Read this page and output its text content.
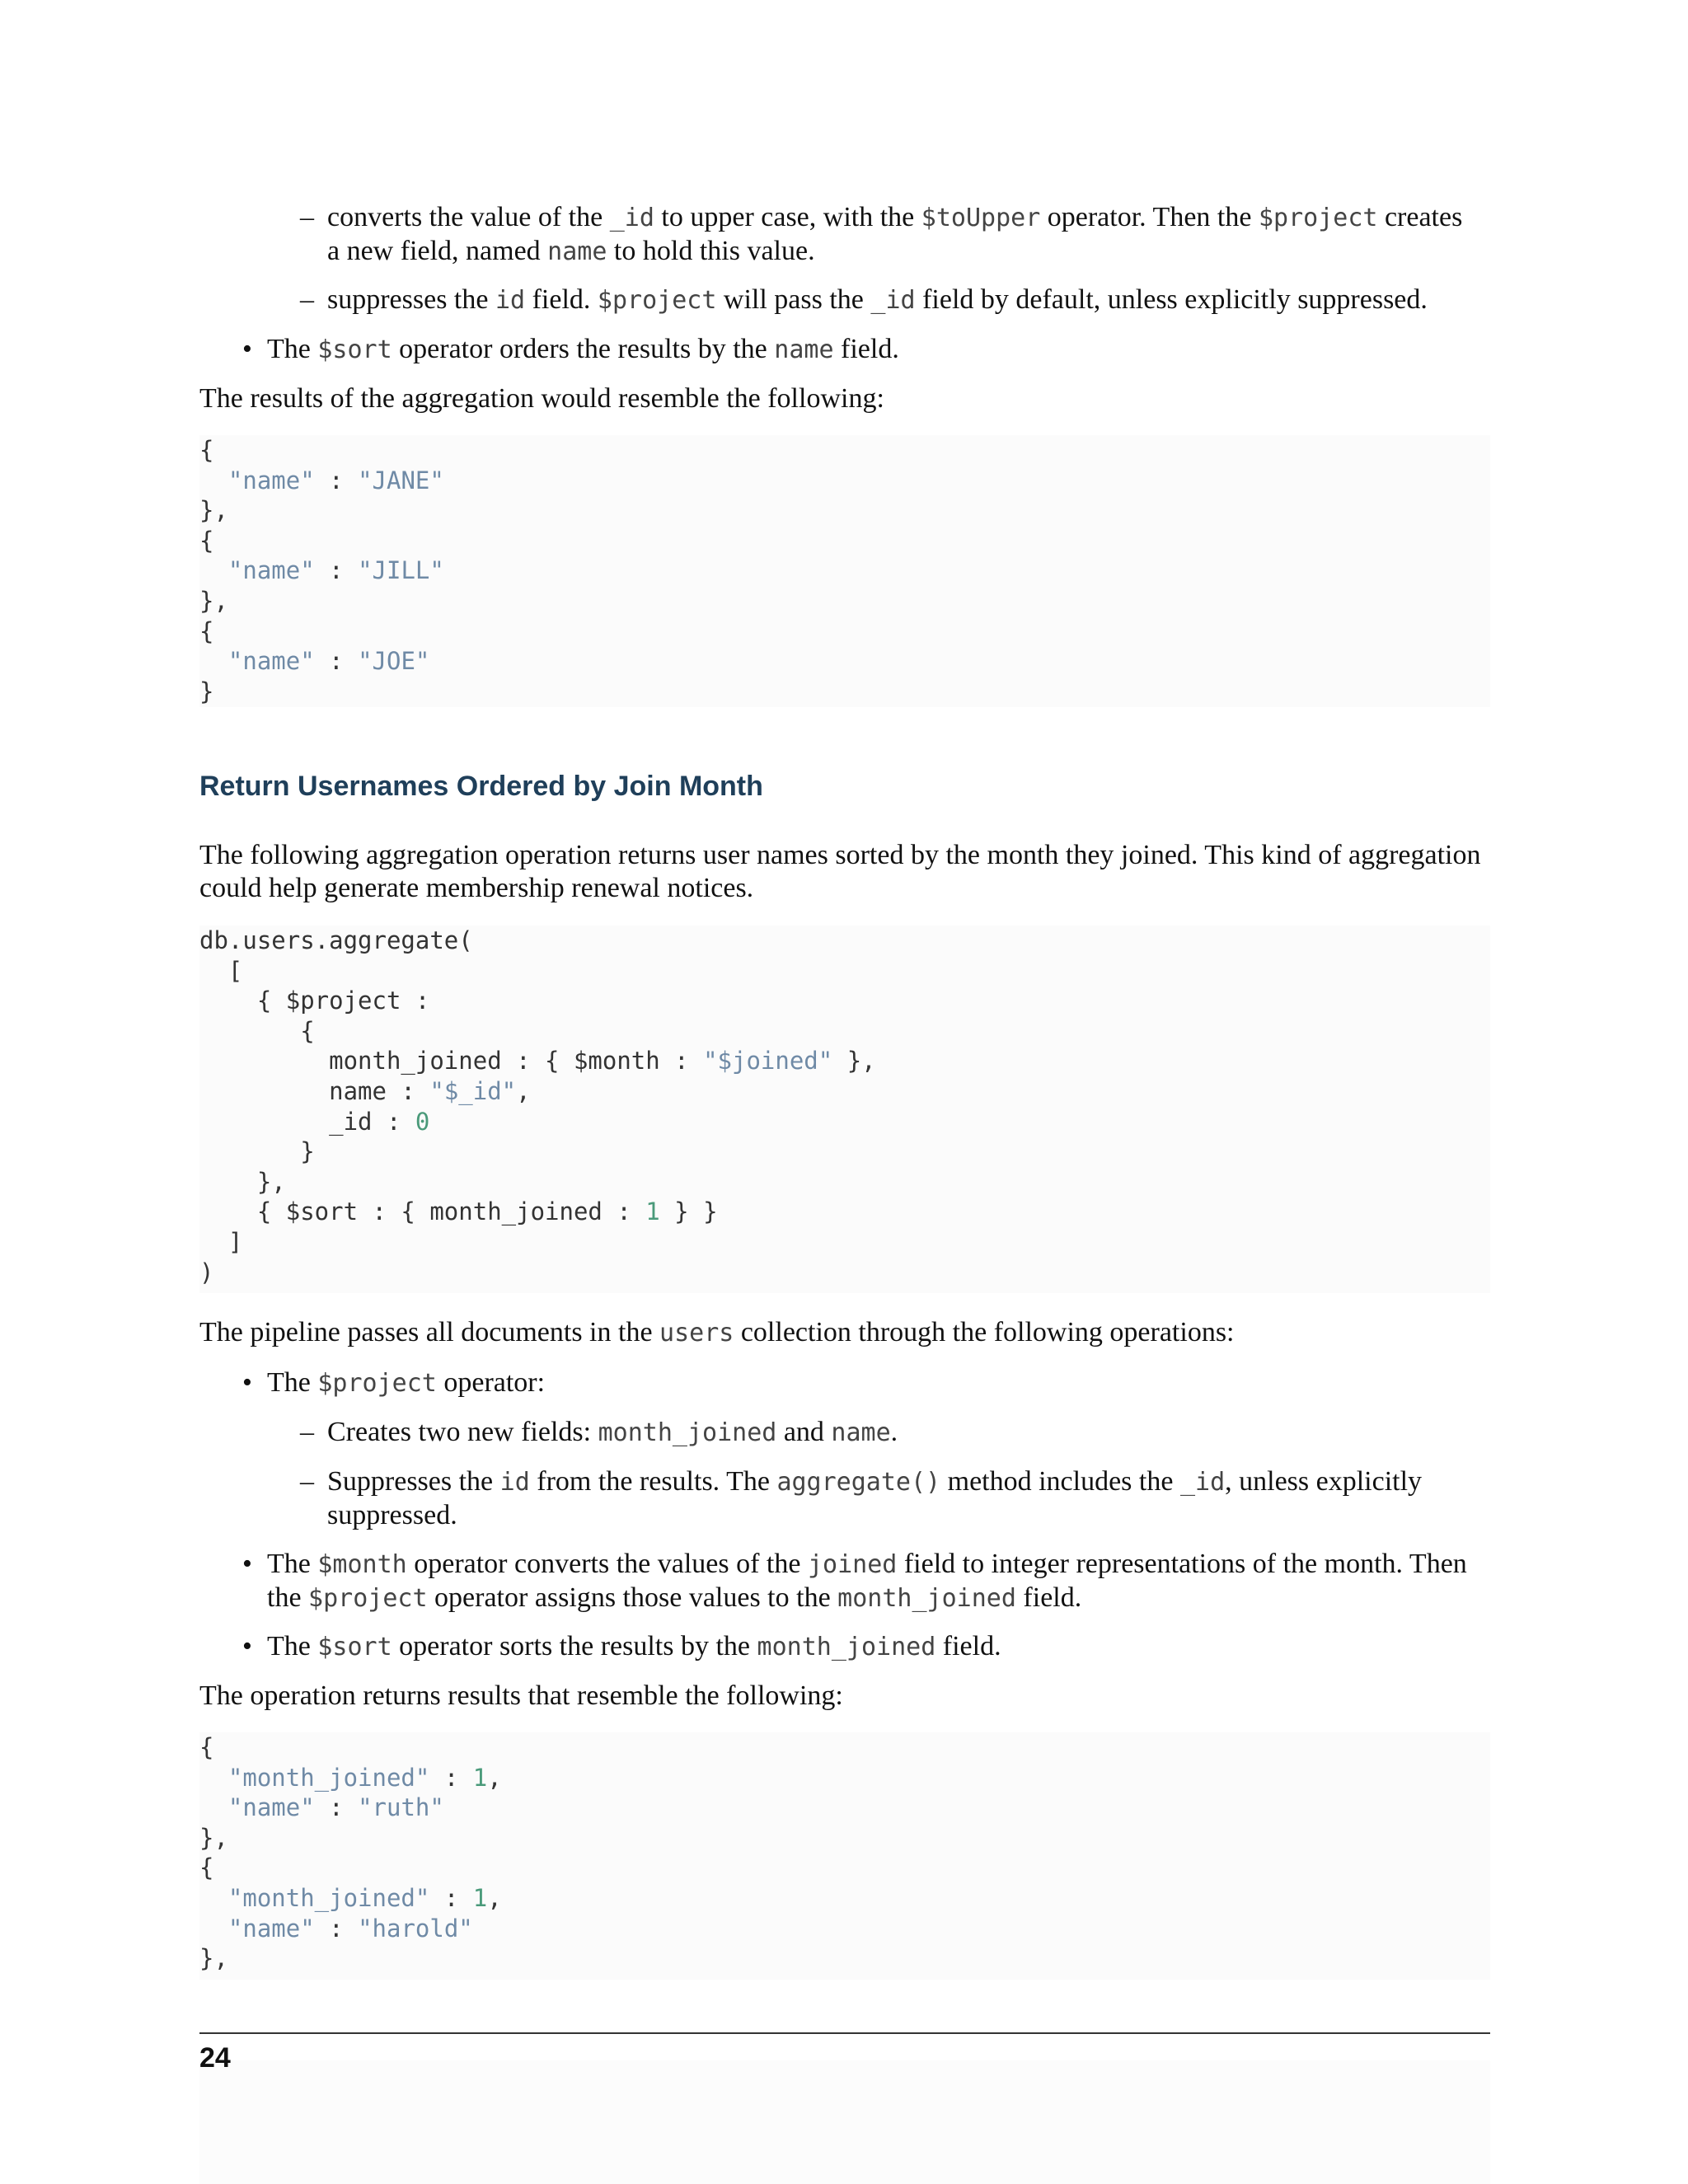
– converts the value of the _id to upper case, with the $toUpper operator. Then the $project creates
a new field, named name to hold this value.
– suppresses the id field. $project will pass the _id field by default, unless explicitly suppressed.
• The $sort operator orders the results by the name field.

The results of the aggregation would resemble the following:

{
"name" : "JANE"
},
{
"name" : "JILL"
},
{
"name" : "JOE"
}
Return Usernames Ordered by Join Month
The following aggregation operation returns user names sorted by the month they joined. This kind of aggregation
could help generate membership renewal notices.
db.users.aggregate(
[
{ $project :
{
month_joined : { $month : "$joined" },
name : "$_id",
_id : 0
}
},
{ $sort : { month_joined : 1 } }
]
)

The pipeline passes all documents in the users collection through the following operations:

• The $project operator:
– Creates two new fields: month_joined and name.
– Suppresses the id from the results. The aggregate() method includes the _id, unless explicitly
suppressed.
• The $month operator converts the values of the joined field to integer representations of the month. Then
the $project operator assigns those values to the month_joined field.
• The $sort operator sorts the results by the month_joined field.

The operation returns results that resemble the following:

{
"month_joined" : 1,
"name" : "ruth"
},
{
"month_joined" : 1,
"name" : "harold"
},
24
